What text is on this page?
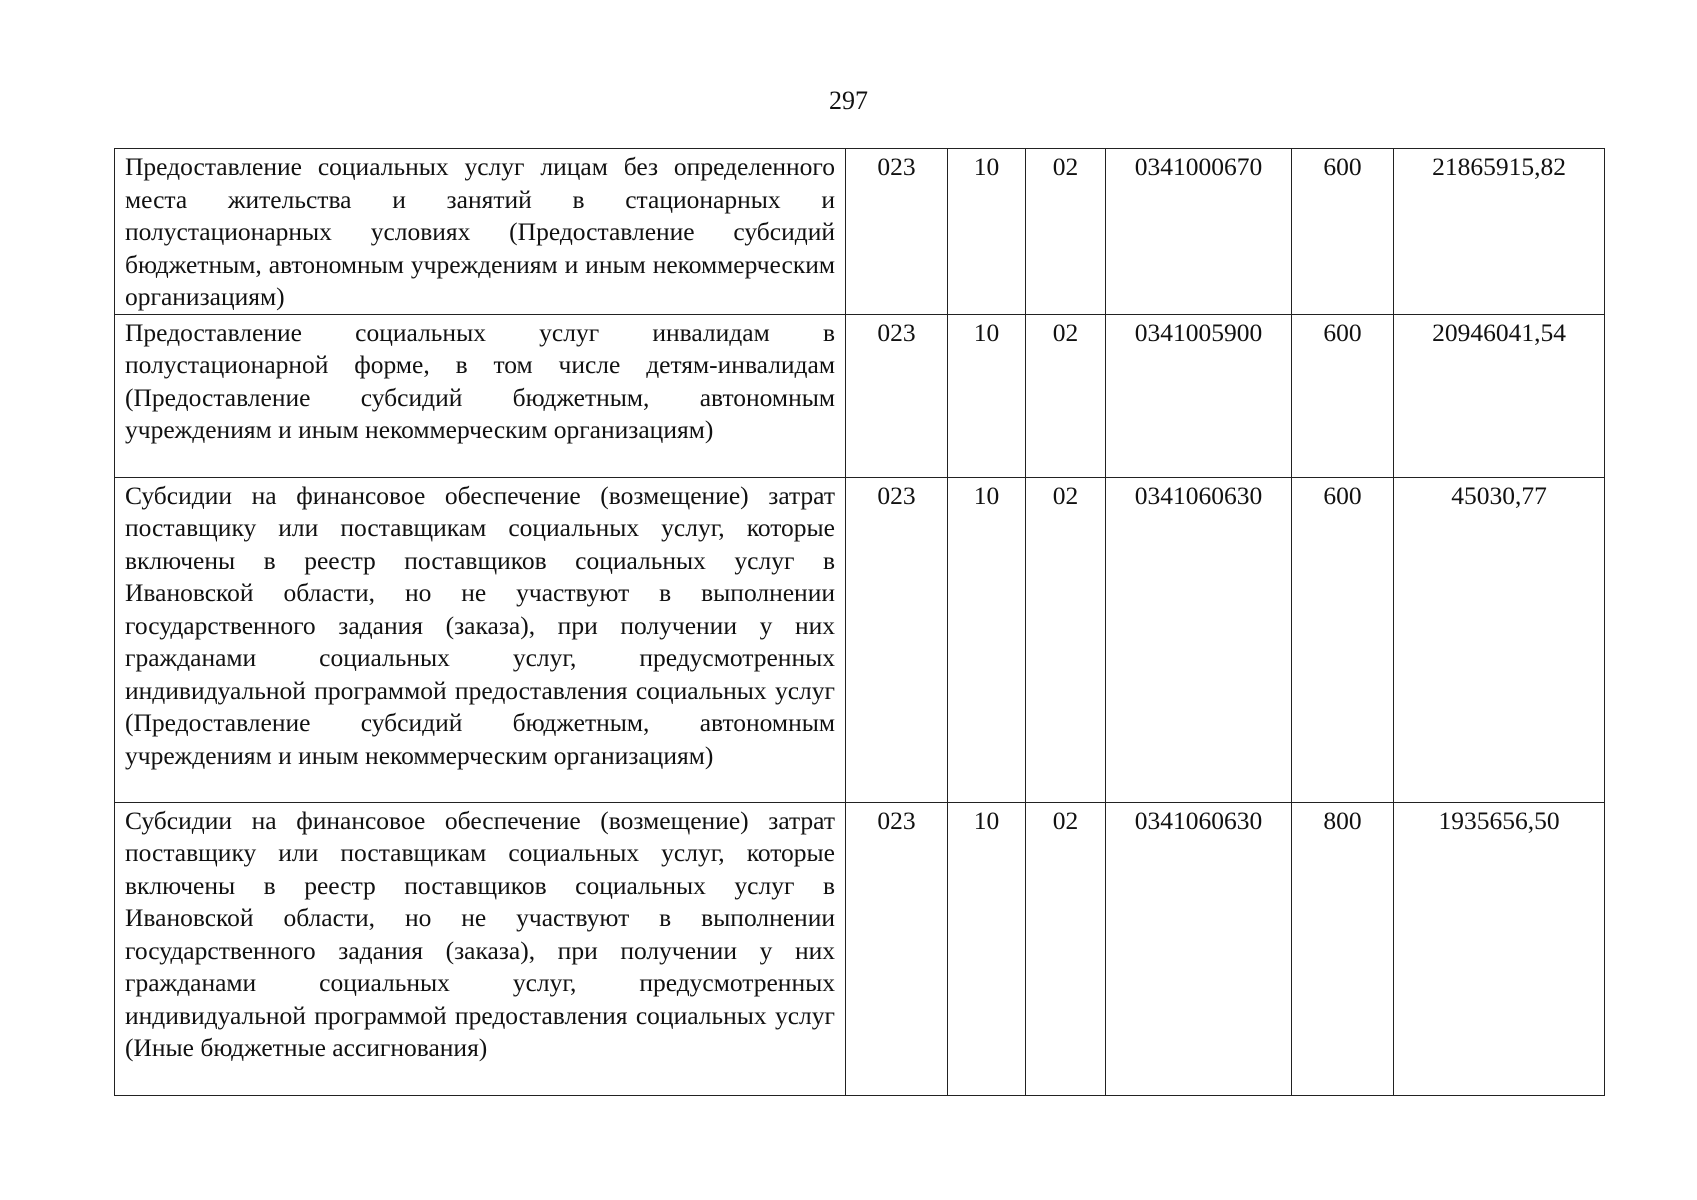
297
Предоставление социальных услуг лицам без определенного места жительства и занятий в стационарных и полустационарных условиях (Предоставление субсидий бюджетным, автономным учреждениям и иным некоммерческим организациям)	023	10	02	0341000670	600	21865915,82
Предоставление социальных услуг инвалидам в полустационарной форме, в том числе детям-инвалидам (Предоставление субсидий бюджетным, автономным учреждениям и иным некоммерческим организациям)	023	10	02	0341005900	600	20946041,54
Субсидии на финансовое обеспечение (возмещение) затрат поставщику или поставщикам социальных услуг, которые включены в реестр поставщиков социальных услуг в Ивановской области, но не участвуют в выполнении государственного задания (заказа), при получении у них гражданами социальных услуг, предусмотренных индивидуальной программой предоставления социальных услуг (Предоставление субсидий бюджетным, автономным учреждениям и иным некоммерческим организациям)	023	10	02	0341060630	600	45030,77
Субсидии на финансовое обеспечение (возмещение) затрат поставщику или поставщикам социальных услуг, которые включены в реестр поставщиков социальных услуг в Ивановской области, но не участвуют в выполнении государственного задания (заказа), при получении у них гражданами социальных услуг, предусмотренных индивидуальной программой предоставления социальных услуг (Иные бюджетные ассигнования)	023	10	02	0341060630	800	1935656,50
